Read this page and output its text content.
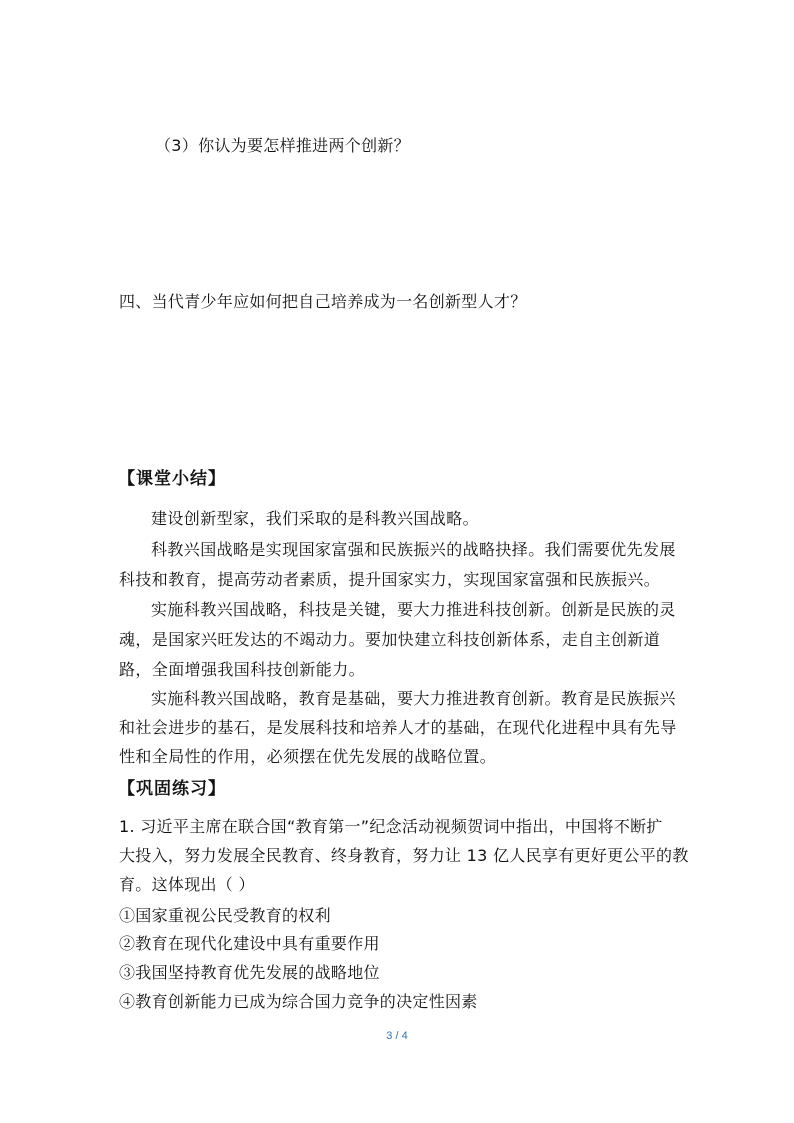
（3）你认为要怎样推进两个创新？

四、当代青少年应如何把自己培养成为一名创新型人才？

【课堂小结】

建设创新型家，我们采取的是科教兴国战略。

科教兴国战略是实现国家富强和民族振兴的战略抉择。我们需要优先发展

科技和教育，提高劳动者素质，提升国家实力，实现国家富强和民族振兴。

实施科教兴国战略，科技是关键，要大力推进科技创新。创新是民族的灵

魂，是国家兴旺发达的不竭动力。要加快建立科技创新体系，走自主创新道

路，全面增强我国科技创新能力。

实施科教兴国战略，教育是基础，要大力推进教育创新。教育是民族振兴

和社会进步的基石，是发展科技和培养人才的基础，在现代化进程中具有先导

性和全局性的作用，必须摆在优先发展的战略位置。

【巩固练习】

1. 习近平主席在联合国“教育第一”纪念活动视频贺词中指出，中国将不断扩

大投入，努力发展全民教育、终身教育，努力让 13 亿人民享有更好更公平的教

育。这体现出（ ）

①国家重视公民受教育的权利

②教育在现代化建设中具有重要作用

③我国坚持教育优先发展的战略地位

④教育创新能力已成为综合国力竞争的决定性因素

3 / 4
